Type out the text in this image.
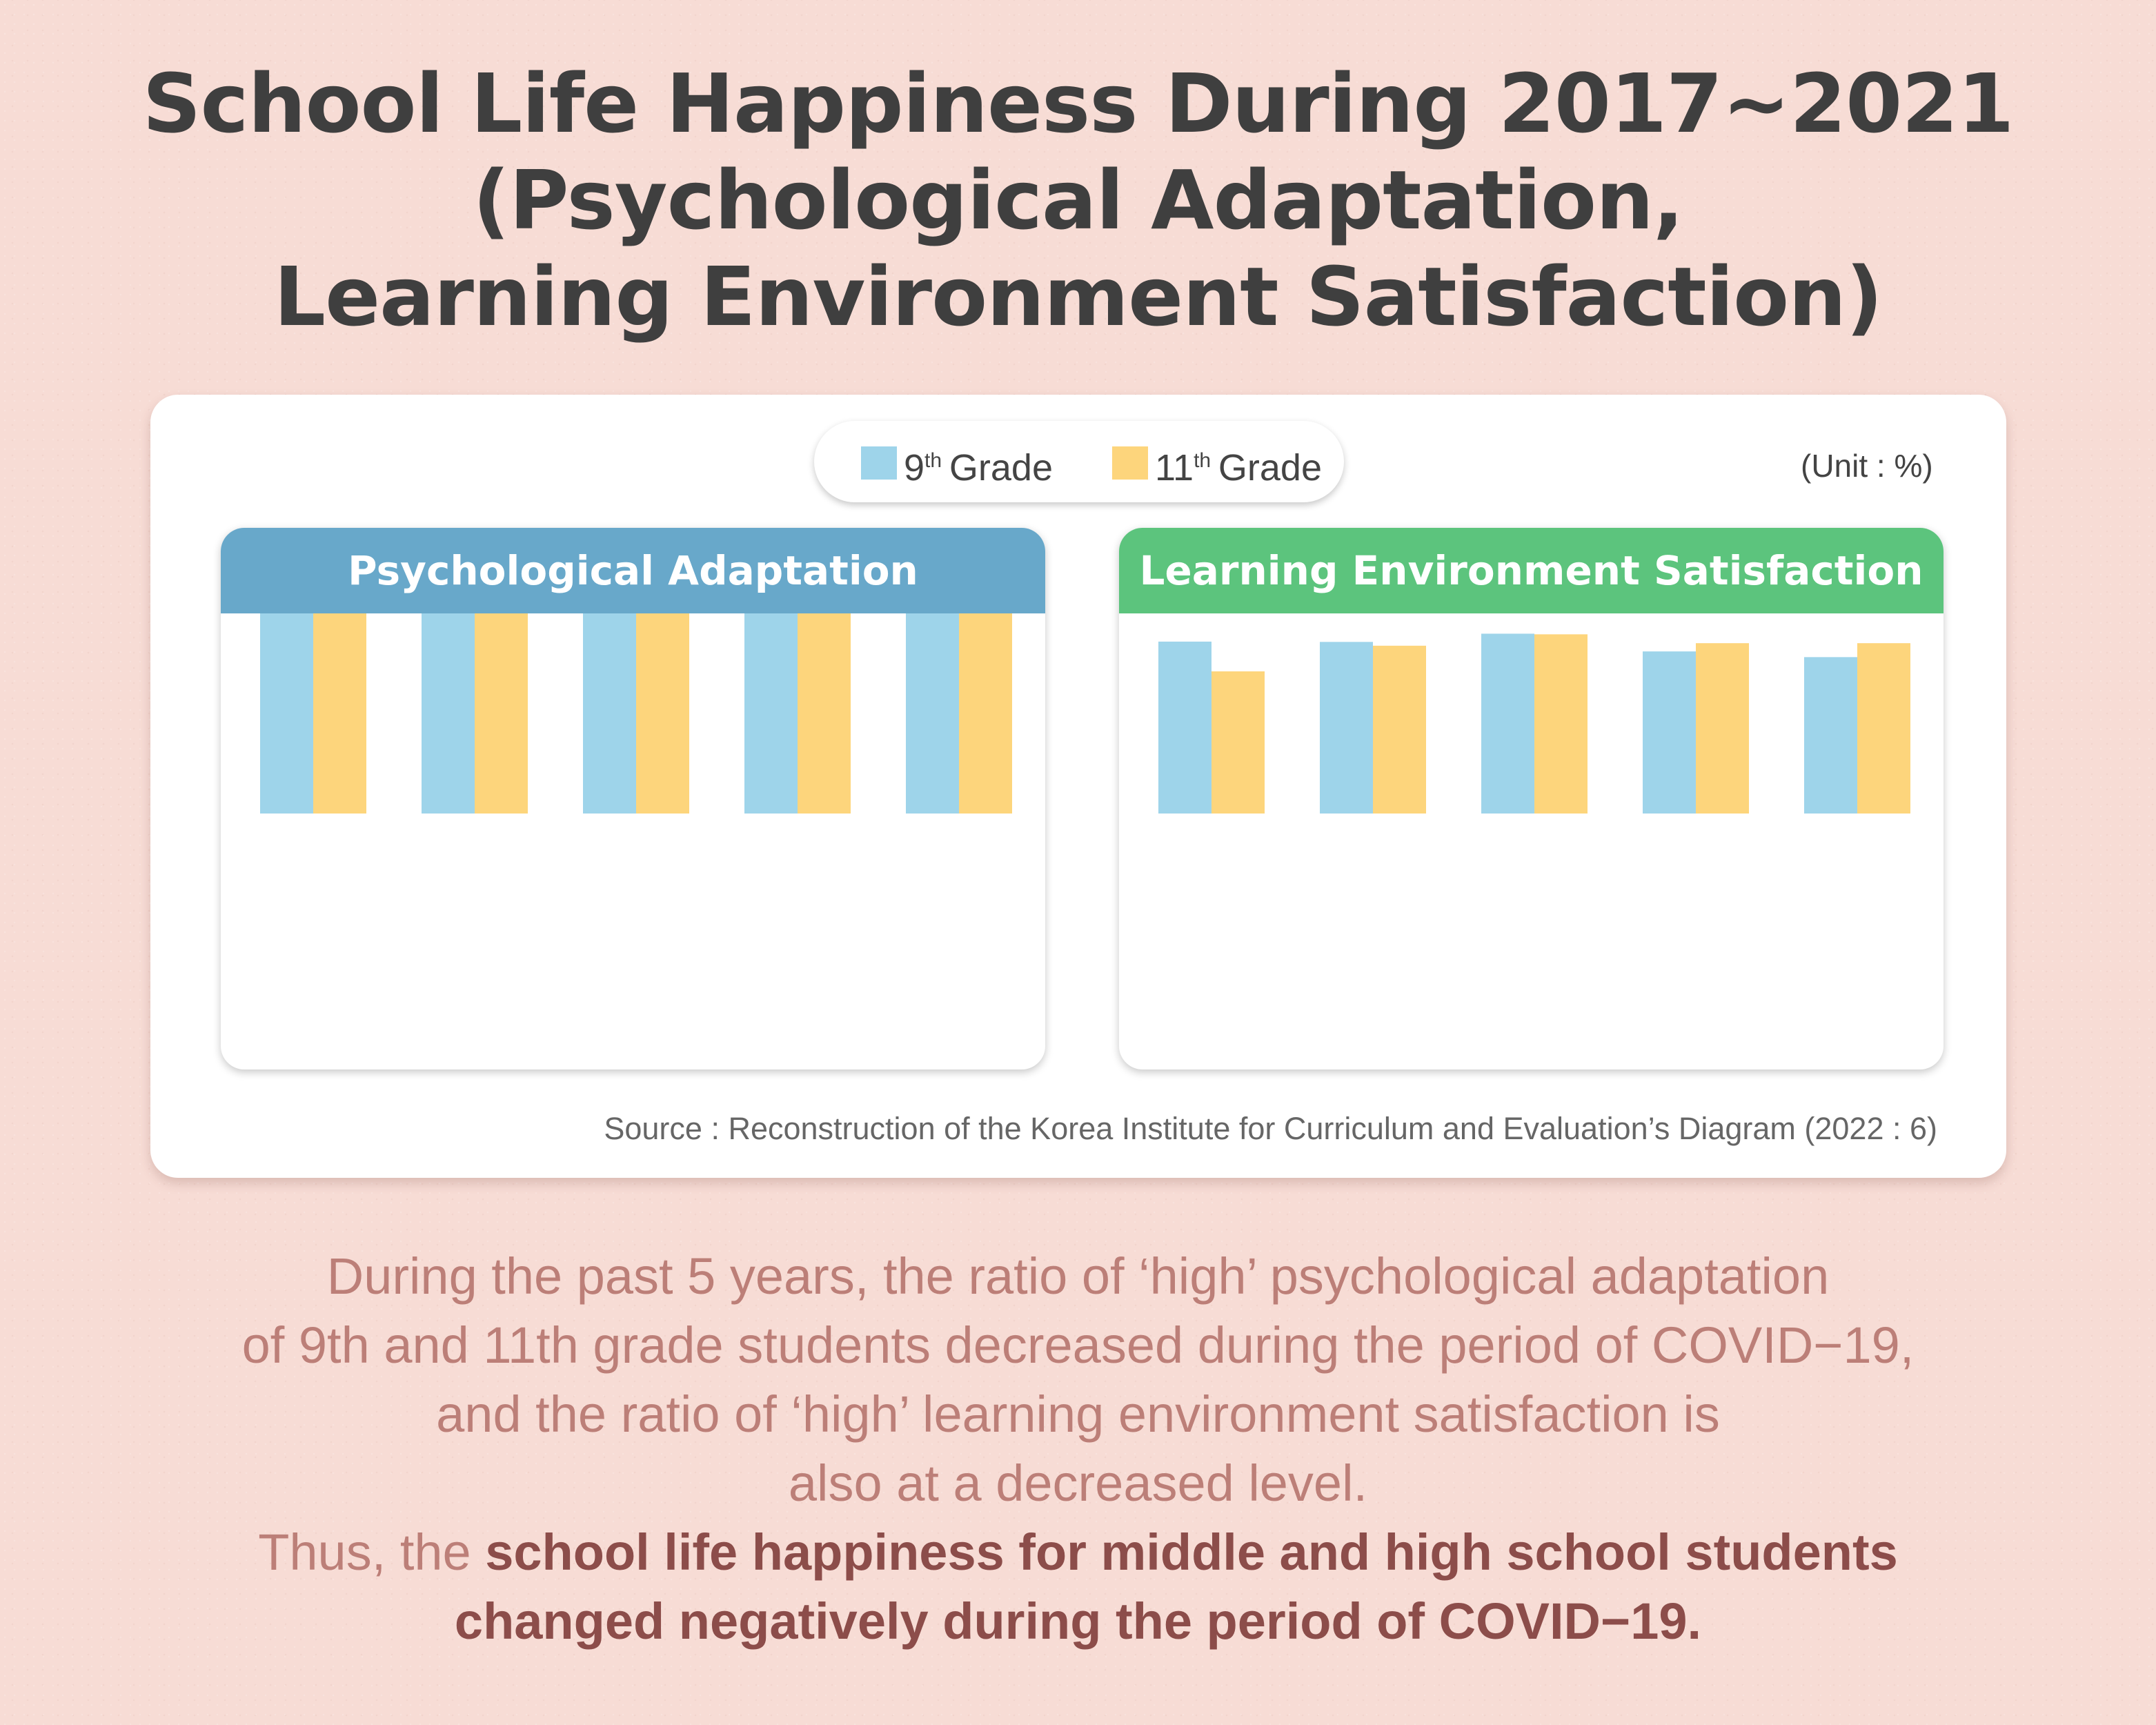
School Life Happiness During 2017~2021
(Psychological Adaptation,
Learning Environment Satisfaction)
9th  Grade	11th  Grade	(Unit : %)
Psychological Adaptation	Learning Environment Satisfaction
Source : Reconstruction of the Korea Institute for Curriculum and Evaluation’s Diagram (2022 : 6)

During the past 5 years, the ratio of ‘high’ psychological adaptation

of 9th and 11th grade students decreased during the period of COVID−19,

and the ratio of ‘high’ learning environment satisfaction is

also at a decreased level.

Thus, the school life happiness for middle and high school students

changed negatively during the period of COVID−19.
